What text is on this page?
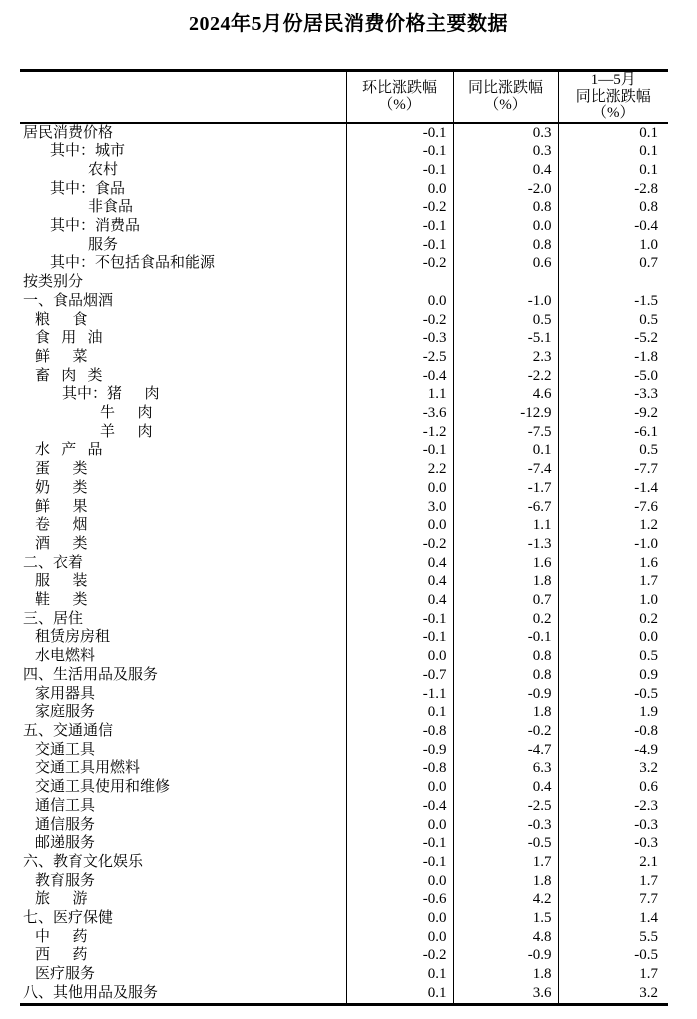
2024年5月份居民消费价格主要数据

环比涨跌幅
（%）

同比涨跌幅
（%）

1—5月
同比涨跌幅
（%）

居民消费价格	-0.1	0.3	0.1
其中：城市	-0.1	0.3	0.1
农村	-0.1	0.4	0.1
其中：食品	0.0	-2.0	-2.8
非食品	-0.2	0.8	0.8
其中：消费品	-0.1	0.0	-0.4
服务	-0.1	0.8	1.0
其中：不包括食品和能源	-0.2	0.6	0.7
按类别分			
一、食品烟酒	0.0	-1.0	-1.5
粮      食	-0.2	0.5	0.5
食   用   油	-0.3	-5.1	-5.2
鲜      菜	-2.5	2.3	-1.8
畜   肉   类	-0.4	-2.2	-5.0
其中：猪      肉	1.1	4.6	-3.3
牛      肉	-3.6	-12.9	-9.2
羊      肉	-1.2	-7.5	-6.1
水   产   品	-0.1	0.1	0.5
蛋      类	2.2	-7.4	-7.7
奶      类	0.0	-1.7	-1.4
鲜      果	3.0	-6.7	-7.6
卷      烟	0.0	1.1	1.2
酒      类	-0.2	-1.3	-1.0
二、衣着	0.4	1.6	1.6
服      装	0.4	1.8	1.7
鞋      类	0.4	0.7	1.0
三、居住	-0.1	0.2	0.2
租赁房房租	-0.1	-0.1	0.0
水电燃料	0.0	0.8	0.5
四、生活用品及服务	-0.7	0.8	0.9
家用器具	-1.1	-0.9	-0.5
家庭服务	0.1	1.8	1.9
五、交通通信	-0.8	-0.2	-0.8
交通工具	-0.9	-4.7	-4.9
交通工具用燃料	-0.8	6.3	3.2
交通工具使用和维修	0.0	0.4	0.6
通信工具	-0.4	-2.5	-2.3
通信服务	0.0	-0.3	-0.3
邮递服务	-0.1	-0.5	-0.3
六、教育文化娱乐	-0.1	1.7	2.1
教育服务	0.0	1.8	1.7
旅      游	-0.6	4.2	7.7
七、医疗保健	0.0	1.5	1.4
中      药	0.0	4.8	5.5
西      药	-0.2	-0.9	-0.5
医疗服务	0.1	1.8	1.7
八、其他用品及服务	0.1	3.6	3.2
